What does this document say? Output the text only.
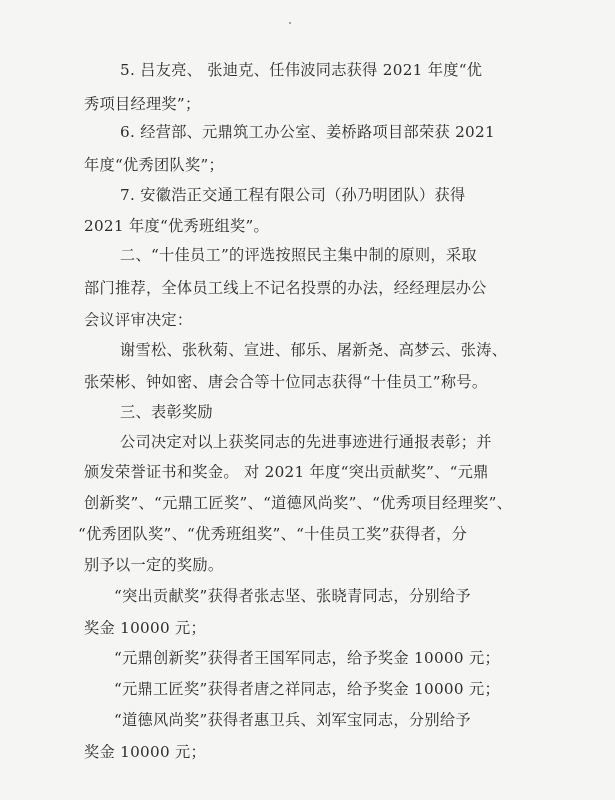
5. 吕友亮、 张迪克、任伟波同志获得 2021 年度“优
秀项目经理奖”；
6. 经营部、元鼎筑工办公室、姜桥路项目部荣获 2021
年度“优秀团队奖”；
7. 安徽浩正交通工程有限公司（孙乃明团队）获得
2021 年度“优秀班组奖”。
二、“十佳员工”的评选按照民主集中制的原则，采取
部门推荐，全体员工线上不记名投票的办法，经经理层办公
会议评审决定：
谢雪松、张秋菊、宣进、郁乐、屠新尧、高梦云、张涛、
张荣彬、钟如密、唐会合等十位同志获得“十佳员工”称号。
三、表彰奖励
公司决定对以上获奖同志的先进事迹进行通报表彰；并
颁发荣誉证书和奖金。 对 2021 年度“突出贡献奖”、“元鼎
创新奖”、“元鼎工匠奖”、“道德风尚奖”、“优秀项目经理奖”、
“优秀团队奖”、“优秀班组奖”、“十佳员工奖”获得者，分
别予以一定的奖励。
“突出贡献奖”获得者张志坚、张晓青同志，分别给予
奖金 10000 元；
“元鼎创新奖”获得者王国军同志，给予奖金 10000 元；
“元鼎工匠奖”获得者唐之祥同志，给予奖金 10000 元；
“道德风尚奖”获得者惠卫兵、刘军宝同志，分别给予
奖金 10000 元；
